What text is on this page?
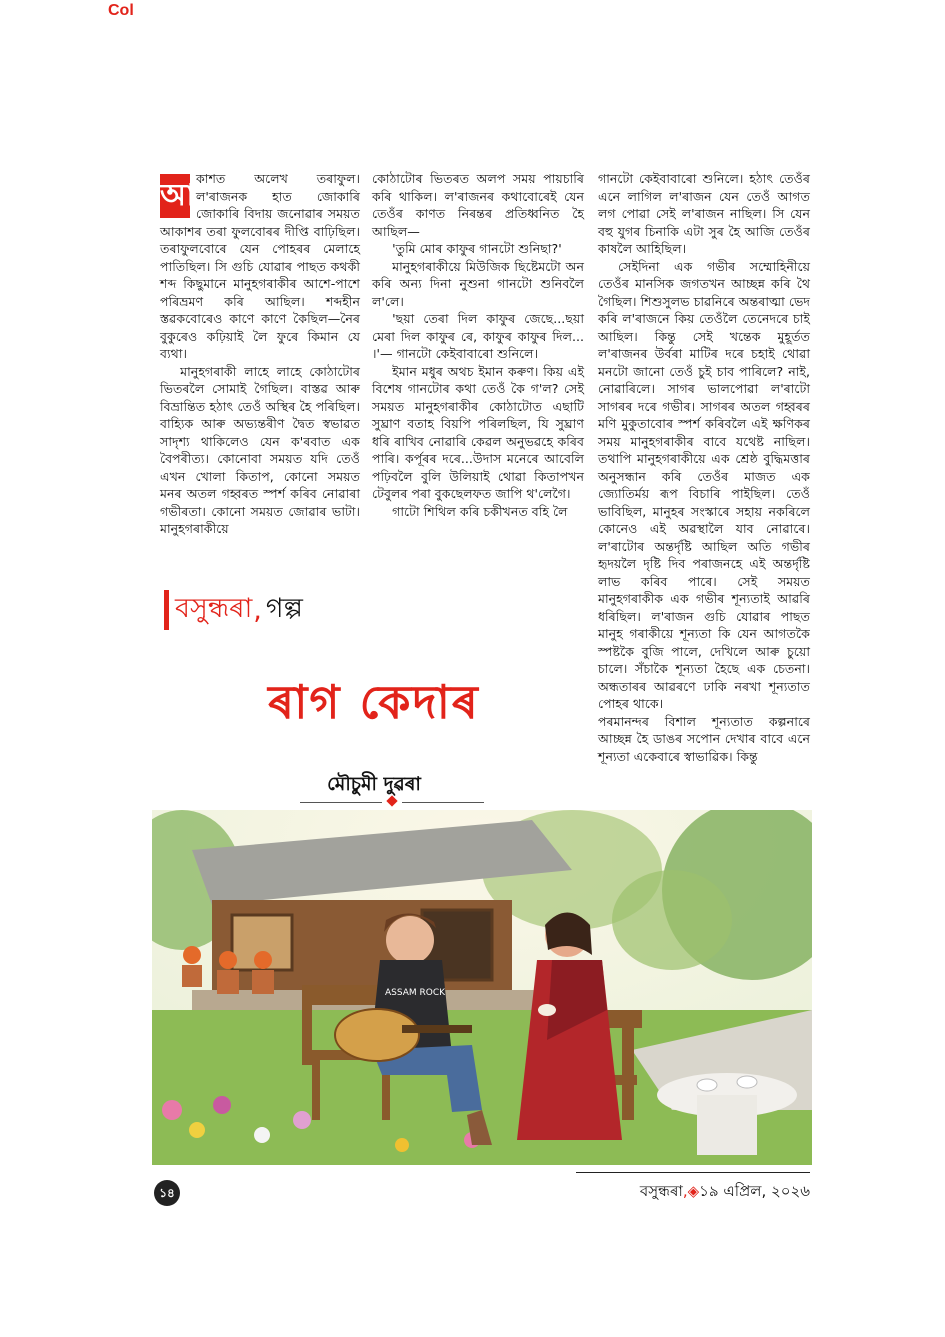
Col
আ কাশত অলেখ তৰাফুল। ল'ৰাজনক হাত জোকাৰি জোকাৰি বিদায় জনোৱাৰ সময়ত আকাশৰ তৰা ফুলবোৰৰ দীপ্তি বাঢ়িছিল। তৰাফুলবোৰে যেন পোহৰৰ মেলাহে পাতিছিল। সি গুচি যোৱাৰ পাছত কথকী শব্দ কিছুমানে মানুহগৰাকীৰ আশে-পাশে পৰিভ্ৰমণ কৰি আছিল। শব্দহীন স্তৱকবোৰেও কাণে কাণে কৈছিল—নৈৰ বুকুৰেও কঢ়িয়াই লৈ ফুৰে কিমান যে ব্যথা।

মানুহগৰাকী লাহে লাহে কোঠাটোৰ ভিতৰলৈ সোমাই গৈছিল। বাস্তৱ আৰু বিভ্ৰান্তিত হঠাৎ তেওঁ অস্থিৰ হৈ পৰিছিল। বাহ্যিক আৰু অভ্যন্তৰীণ দ্বৈত স্বভাৱত সাদৃশ্য থাকিলেও যেন ক'ৰবাত এক বৈপৰীত্য। কোনোবা সময়ত যদি তেওঁ এখন খোলা কিতাপ, কোনো সময়ত মনৰ অতল গহ্বৰত স্পৰ্শ কৰিব নোৱাৰা গভীৰতা। কোনো সময়ত জোৱাৰ ভাটা। মানুহগৰাকীয়ে

কোঠাটোৰ ভিতৰত অলপ সময় পায়চাৰি কৰি থাকিল। ল'ৰাজনৰ কথাবোৰেই যেন তেওঁৰ কাণত নিৰন্তৰ প্ৰতিধ্বনিত হৈ আছিল—

'তুমি মোৰ কাফুৰ গানটো শুনিছা?'

মানুহগৰাকীয়ে মিউজিক ছিষ্টেমটো অন কৰি অন্য দিনা নুশুনা গানটো শুনিবলৈ ল'লে।

'ছয়া তেৰা দিল কাফুৰ জেছে...ছয়া মেৰা দিল কাফুৰ ৰে, কাফুৰ কাফুৰ দিল... ।'— গানটো কেইবাবাৰো শুনিলে।

ইমান মধুৰ অথচ ইমান কৰুণ। কিয় এই বিশেষ গানটোৰ কথা তেওঁ কৈ গ'ল? সেই সময়ত মানুহগৰাকীৰ কোঠাটোত এছাটি সুঘ্ৰাণ বতাহ বিয়পি পৰিলছিল, যি সুঘ্ৰাণ ধৰি ৰাখিব নোৱাৰি কেৱল অনুভৱহে কৰিব পাৰি। কৰ্পূৰৰ দৰে...উদাস মনেৰে আবেলি পঢ়িবলৈ বুলি উলিয়াই থোৱা কিতাপখন টেবুলৰ পৰা বুকছেলফত জাপি থ'লেগৈ।

গাটো শিথিল কৰি চকীখনত বহি লৈ

গানটো কেইবাবাৰো শুনিলে। হঠাৎ তেওঁৰ এনে লাগিল ল'ৰাজন যেন তেওঁ আগত লগ পোৱা সেই ল'ৰাজন নাছিল। সি যেন বহু যুগৰ চিনাকি এটা সুৰ হৈ আজি তেওঁৰ কাষলৈ আহিছিল।

সেইদিনা এক গভীৰ সম্মোহিনীয়ে তেওঁৰ মানসিক জগতখন আচ্ছন্ন কৰি থৈ গৈছিল। শিশুসুলভ চাৱনিৰে অন্তৰাত্মা ভেদ কৰি ল'ৰাজনে কিয় তেওঁলৈ তেনেদৰে চাই আছিল। কিন্তু সেই খন্তেক মুহূৰ্তত ল'ৰাজনৰ উৰ্বৰা মাটিৰ দৰে চহাই থোৱা মনটো জানো তেওঁ চুই চাব পাৰিলে? নাই, নোৱাৰিলে। সাগৰ ভালপোৱা ল'ৰাটো সাগৰৰ দৰে গভীৰ। সাগৰৰ অতল গহ্বৰৰ মণি মুকুতাবোৰ স্পৰ্শ কৰিবলৈ এই ক্ষণিকৰ সময় মানুহগৰাকীৰ বাবে যথেষ্ট নাছিল। তথাপি মানুহগৰাকীয়ে এক শ্ৰেষ্ঠ বুদ্ধিমত্তাৰ অনুসন্ধান কৰি তেওঁৰ মাজত এক জ্যোতিৰ্ময় ৰূপ বিচাৰি পাইছিল। তেওঁ ভাবিছিল, মানুহৰ সংস্কাৰে সহায় নকৰিলে কোনেও এই অৱস্থালৈ যাব নোৱাৰে। ল'ৰাটোৰ অন্তৰ্দৃষ্টি আছিল অতি গভীৰ হৃদয়লৈ দৃষ্টি দিব পৰাজনহে এই অন্তৰ্দৃষ্টি লাভ কৰিব পাৰে। সেই সময়ত মানুহগৰাকীক এক গভীৰ শূন্যতাই আৱৰি ধৰিছিল। ল'ৰাজন গুচি যোৱাৰ পাছত মানুহ গৰাকীয়ে শূন্যতা কি যেন আগতকৈ স্পষ্টকৈ বুজি পালে, দেখিলে আৰু চুয়ো চালে। সঁচাকৈ শূন্যতা হৈছে এক চেতনা। অন্ধতাৰৰ আৱৰণে ঢাকি নৰখা শূন্যতাত পোহৰ থাকে।

পৰমানন্দৰ বিশাল শূন্যতাত কল্পনাৰে আচ্ছন্ন হৈ ডাঙৰ সপোন দেখাৰ বাবে এনে শূন্যতা একেবাৰে স্বাভাৱিক। কিন্তু

বসুন্ধৰা , গল্প
ৰাগ কেদাৰ
মৌচুমী দুৱৰা
ASSAM ROCK
১৪	বসুন্ধৰা,◈১৯ এপ্ৰিল, ২০২৬
